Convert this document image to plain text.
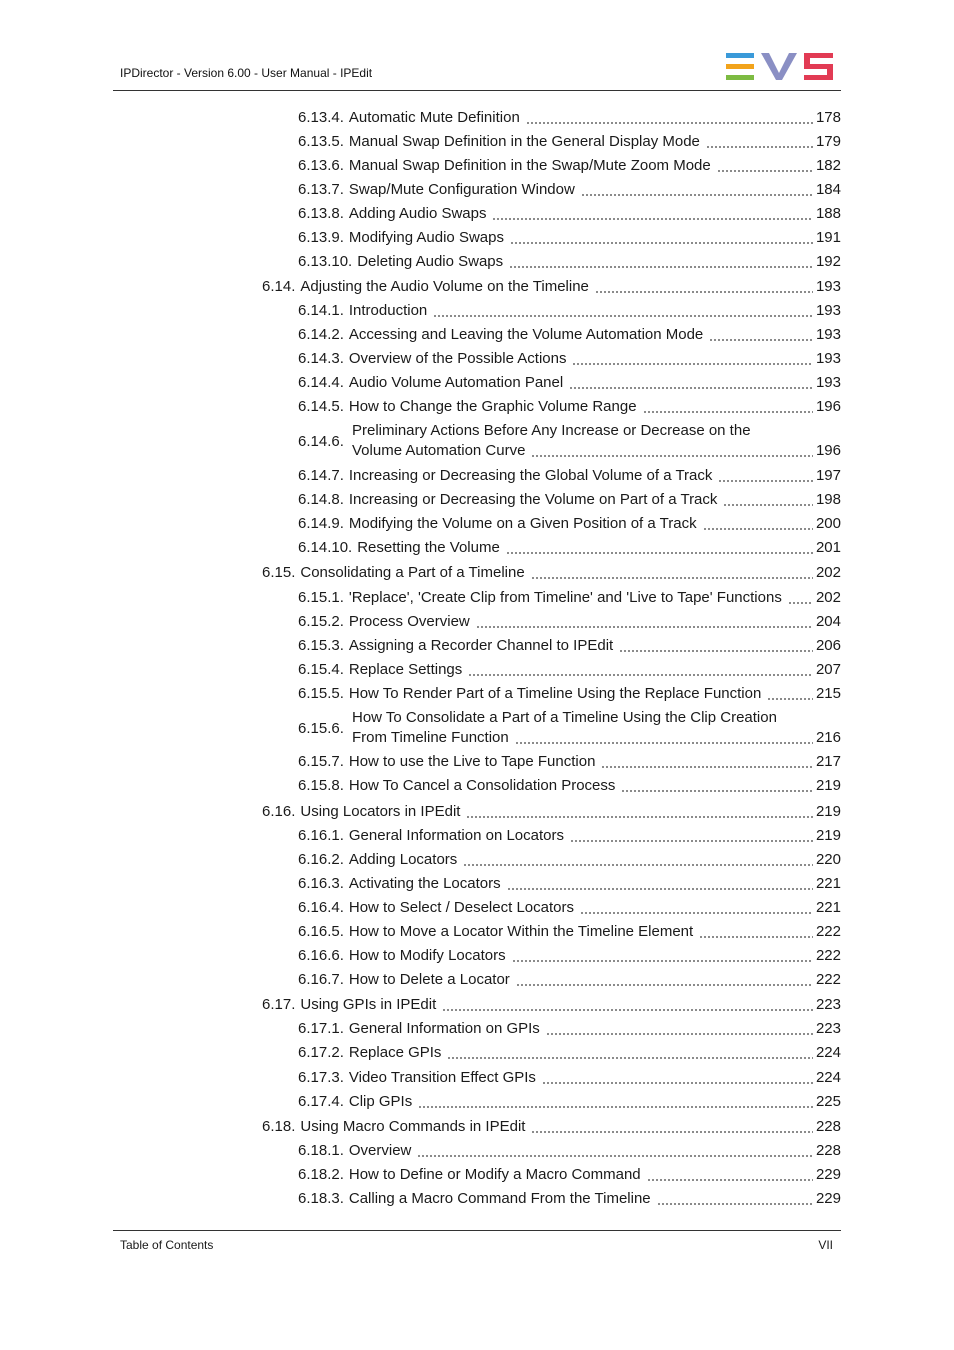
IPDirector - Version 6.00 - User Manual - IPEdit
6.13.4. Automatic Mute Definition	178
6.13.5. Manual Swap Definition in the General Display Mode	179
6.13.6. Manual Swap Definition in the Swap/Mute Zoom Mode	182
6.13.7. Swap/Mute Configuration Window	184
6.13.8. Adding Audio Swaps	188
6.13.9. Modifying Audio Swaps	191
6.13.10. Deleting Audio Swaps	192
6.14. Adjusting the Audio Volume on the Timeline	193
6.14.1. Introduction	193
6.14.2. Accessing and Leaving the Volume Automation Mode	193
6.14.3. Overview of the Possible Actions	193
6.14.4. Audio Volume Automation Panel	193
6.14.5. How to Change the Graphic Volume Range	196
6.14.6.
Preliminary Actions Before Any Increase or Decrease on the
Volume Automation Curve	196
6.14.7. Increasing or Decreasing the Global Volume of a Track	197
6.14.8. Increasing or Decreasing the Volume on Part of a Track	198
6.14.9. Modifying the Volume on a Given Position of a Track	200
6.14.10. Resetting the Volume	201
6.15. Consolidating a Part of a Timeline	202
6.15.1. 'Replace', 'Create Clip from Timeline' and 'Live to Tape' Functions 202
6.15.2. Process Overview	204
6.15.3. Assigning a Recorder Channel to IPEdit	206
6.15.4. Replace Settings	207
6.15.5. How To Render Part of a Timeline Using the Replace Function	215
6.15.6.
How To Consolidate a Part of a Timeline Using the Clip Creation
From Timeline Function	216
6.15.7. How to use the Live to Tape Function	217
6.15.8. How To Cancel a Consolidation Process	219
6.16. Using Locators in IPEdit	219
6.16.1. General Information on Locators	219
6.16.2. Adding Locators	220
6.16.3. Activating the Locators	221
6.16.4. How to Select / Deselect Locators	221
6.16.5. How to Move a Locator Within the Timeline Element	222
6.16.6. How to Modify Locators	222
6.16.7. How to Delete a Locator	222
6.17. Using GPIs in IPEdit	223
6.17.1. General Information on GPIs	223
6.17.2. Replace GPIs	224
6.17.3. Video Transition Effect GPIs	224
6.17.4. Clip GPIs	225
6.18. Using Macro Commands in IPEdit	228
6.18.1. Overview	228
6.18.2. How to Define or Modify a Macro Command	229
6.18.3. Calling a Macro Command From the Timeline	229
Table of Contents	VII
